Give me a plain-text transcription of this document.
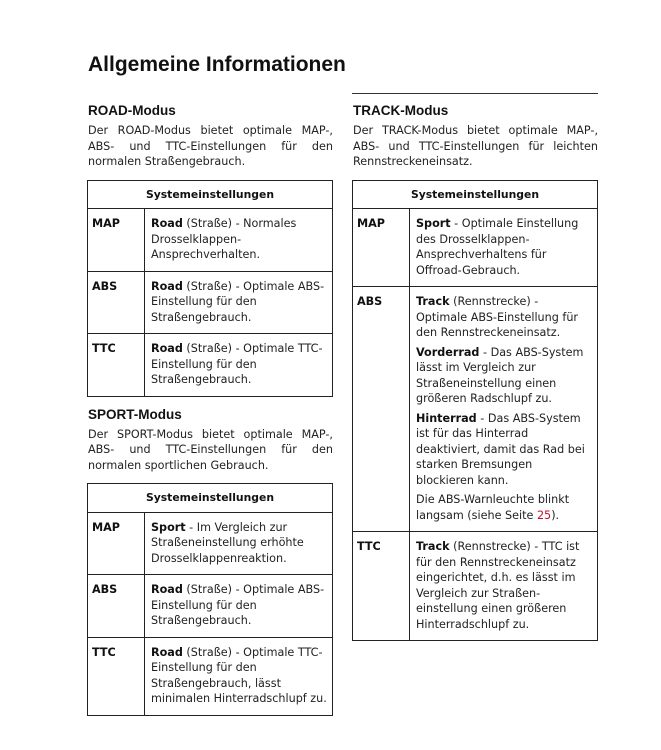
Allgemeine Informationen
ROAD-Modus

Der ROAD-Modus bietet optimale MAP-, ABS- und TTC-Einstellungen für den normalen Straßengebrauch.

Systemeinstellungen	
MAP	Road (Straße) - Normales Drosselklappen-Ansprechverhalten.
ABS	Road (Straße) - Optimale ABS-Einstellung für den Straßengebrauch.
TTC	Road (Straße) - Optimale TTC-Einstellung für den Straßengebrauch.
SPORT-Modus

Der SPORT-Modus bietet optimale MAP-, ABS- und TTC-Einstellungen für den normalen sportlichen Gebrauch.

Systemeinstellungen	
MAP	Sport - Im Vergleich zur Straßeneinstellung erhöhte Drosselklappenreaktion.
ABS	Road (Straße) - Optimale ABS-Einstellung für den Straßengebrauch.
TTC	Road (Straße) - Optimale TTC-Einstellung für den Straßengebrauch, lässt minimalen Hinterradschlupf zu.
TRACK-Modus

Der TRACK-Modus bietet optimale MAP-, ABS- und TTC-Einstellungen für leichten Rennstreckeneinsatz.

Systemeinstellungen	
MAP	Sport - Optimale Einstellung des Drosselklappen-Ansprechverhaltens für Offroad-Gebrauch.
ABS	Track (Rennstrecke) - Optimale ABS-Einstellung für den Rennstreckeneinsatz.

Vorderrad - Das ABS-System lässt im Vergleich zur Straßeneinstellung einen größeren Radschlupf zu.

Hinterrad - Das ABS-System ist für das Hinterrad deaktiviert, damit das Rad bei starken Bremsungen blockieren kann.

Die ABS-Warnleuchte blinkt langsam (siehe Seite 25).

TTC	Track (Rennstrecke) - TTC ist für den Rennstreckeneinsatz eingerichtet, d.h. es lässt im Vergleich zur Straßen-einstellung einen größeren Hinterradschlupf zu.
